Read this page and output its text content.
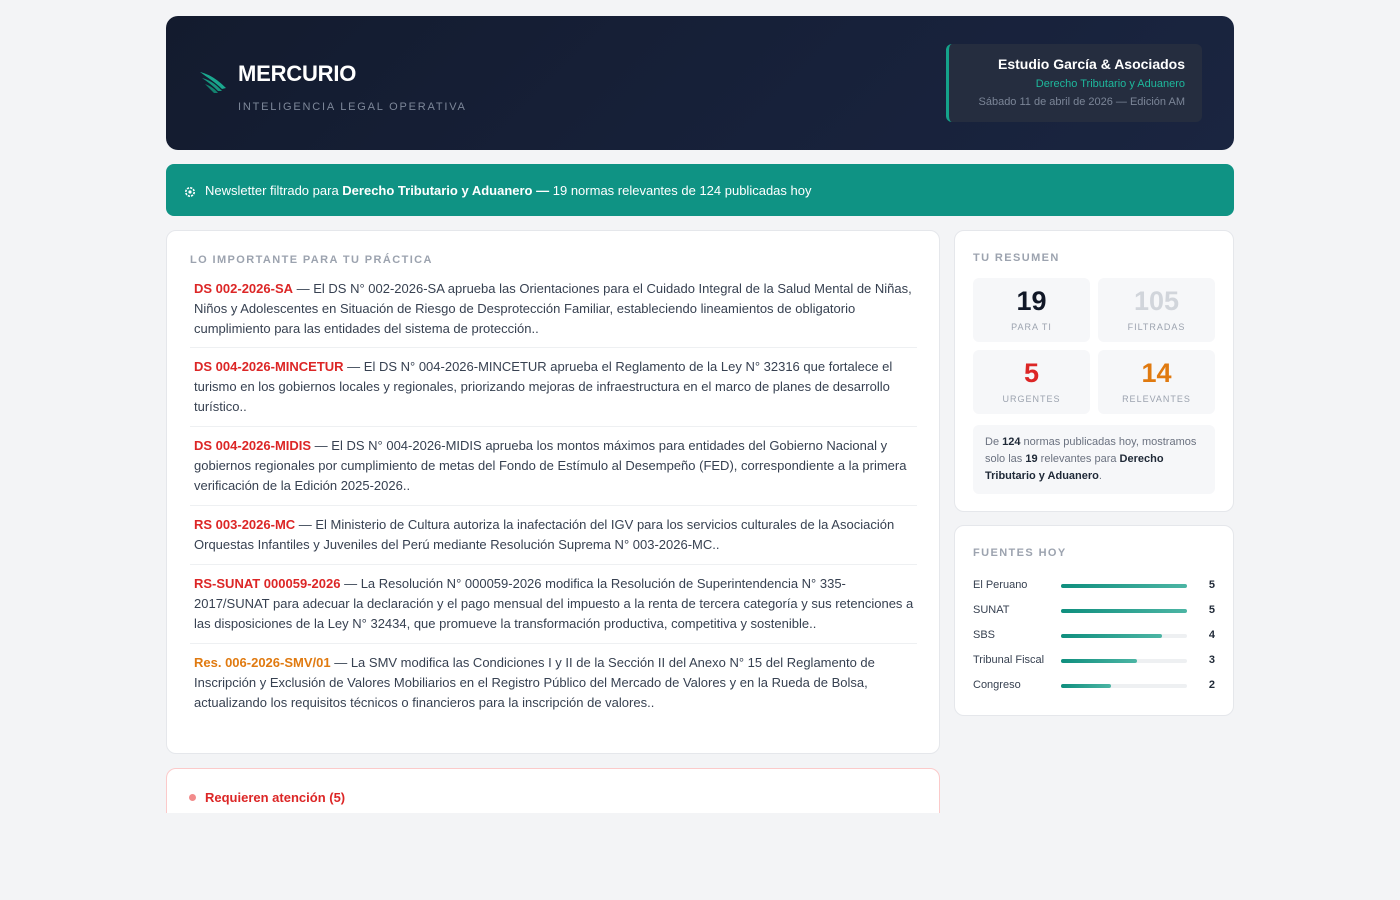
MERCURIO
INTELIGENCIA LEGAL OPERATIVA
Estudio García & Asociados
Derecho Tributario y Aduanero
Sábado 11 de abril de 2026 — Edición AM
Newsletter filtrado para Derecho Tributario y Aduanero — 19 normas relevantes de 124 publicadas hoy
LO IMPORTANTE PARA TU PRÁCTICA
DS 002-2026-SA — El DS N° 002-2026-SA aprueba las Orientaciones para el Cuidado Integral de la Salud Mental de Niñas, Niños y Adolescentes en Situación de Riesgo de Desprotección Familiar, estableciendo lineamientos de obligatorio cumplimiento para las entidades del sistema de protección..
DS 004-2026-MINCETUR — El DS N° 004-2026-MINCETUR aprueba el Reglamento de la Ley N° 32316 que fortalece el turismo en los gobiernos locales y regionales, priorizando mejoras de infraestructura en el marco de planes de desarrollo turístico..
DS 004-2026-MIDIS — El DS N° 004-2026-MIDIS aprueba los montos máximos para entidades del Gobierno Nacional y gobiernos regionales por cumplimiento de metas del Fondo de Estímulo al Desempeño (FED), correspondiente a la primera verificación de la Edición 2025-2026..
RS 003-2026-MC — El Ministerio de Cultura autoriza la inafectación del IGV para los servicios culturales de la Asociación Orquestas Infantiles y Juveniles del Perú mediante Resolución Suprema N° 003-2026-MC..
RS-SUNAT 000059-2026 — La Resolución N° 000059-2026 modifica la Resolución de Superintendencia N° 335-2017/SUNAT para adecuar la declaración y el pago mensual del impuesto a la renta de tercera categoría y sus retenciones a las disposiciones de la Ley N° 32434, que promueve la transformación productiva, competitiva y sostenible..
Res. 006-2026-SMV/01 — La SMV modifica las Condiciones I y II de la Sección II del Anexo N° 15 del Reglamento de Inscripción y Exclusión de Valores Mobiliarios en el Registro Público del Mercado de Valores y en la Rueda de Bolsa, actualizando los requisitos técnicos o financieros para la inscripción de valores..
Requieren atención (5)
TU RESUMEN
19
PARA TI
105
FILTRADAS
5
URGENTES
14
RELEVANTES
De 124 normas publicadas hoy, mostramos solo las 19 relevantes para Derecho Tributario y Aduanero.
FUENTES HOY
El Peruano	5
SUNAT	5
SBS	4
Tribunal Fiscal	3
Congreso	2
